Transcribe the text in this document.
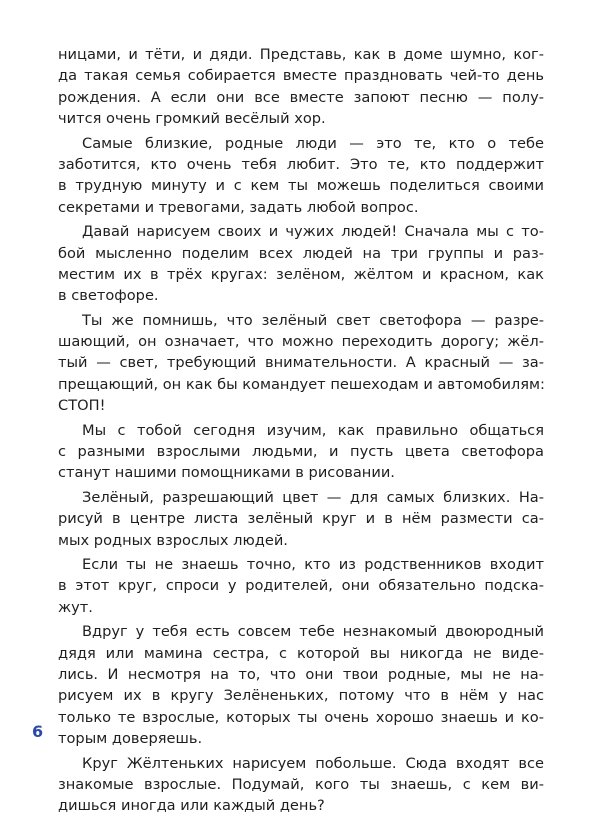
ницами, и тёти, и дяди. Представь, как в доме шумно, ког-
да такая семья собирается вместе праздновать чей-то день
рождения. А если они все вместе запоют песню — полу-
чится очень громкий весёлый хор.
Самые близкие, родные люди — это те, кто о тебе
заботится, кто очень тебя любит. Это те, кто поддержит
в трудную минуту и с кем ты можешь поделиться своими
секретами и тревогами, задать любой вопрос.
Давай нарисуем своих и чужих людей! Сначала мы с то-
бой мысленно поделим всех людей на три группы и раз-
местим их в трёх кругах: зелёном, жёлтом и красном, как
в светофоре.
Ты же помнишь, что зелёный свет светофора — разре-
шающий, он означает, что можно переходить дорогу; жёл-
тый — свет, требующий внимательности. А красный — за-
прещающий, он как бы командует пешеходам и автомобилям:
СТОП!
Мы с тобой сегодня изучим, как правильно общаться
с разными взрослыми людьми, и пусть цвета светофора
станут нашими помощниками в рисовании.
Зелёный, разрешающий цвет — для самых близких. На-
рисуй в центре листа зелёный круг и в нём размести са-
мых родных взрослых людей.
Если ты не знаешь точно, кто из родственников входит
в этот круг, спроси у родителей, они обязательно подска-
жут.
Вдруг у тебя есть совсем тебе незнакомый двоюродный
дядя или мамина сестра, с которой вы никогда не виде-
лись. И несмотря на то, что они твои родные, мы не на-
рисуем их в кругу Зелёненьких, потому что в нём у нас
только те взрослые, которых ты очень хорошо знаешь и ко-
торым доверяешь.
Круг Жёлтеньких нарисуем побольше. Сюда входят все
знакомые взрослые. Подумай, кого ты знаешь, с кем ви-
дишься иногда или каждый день?
6
